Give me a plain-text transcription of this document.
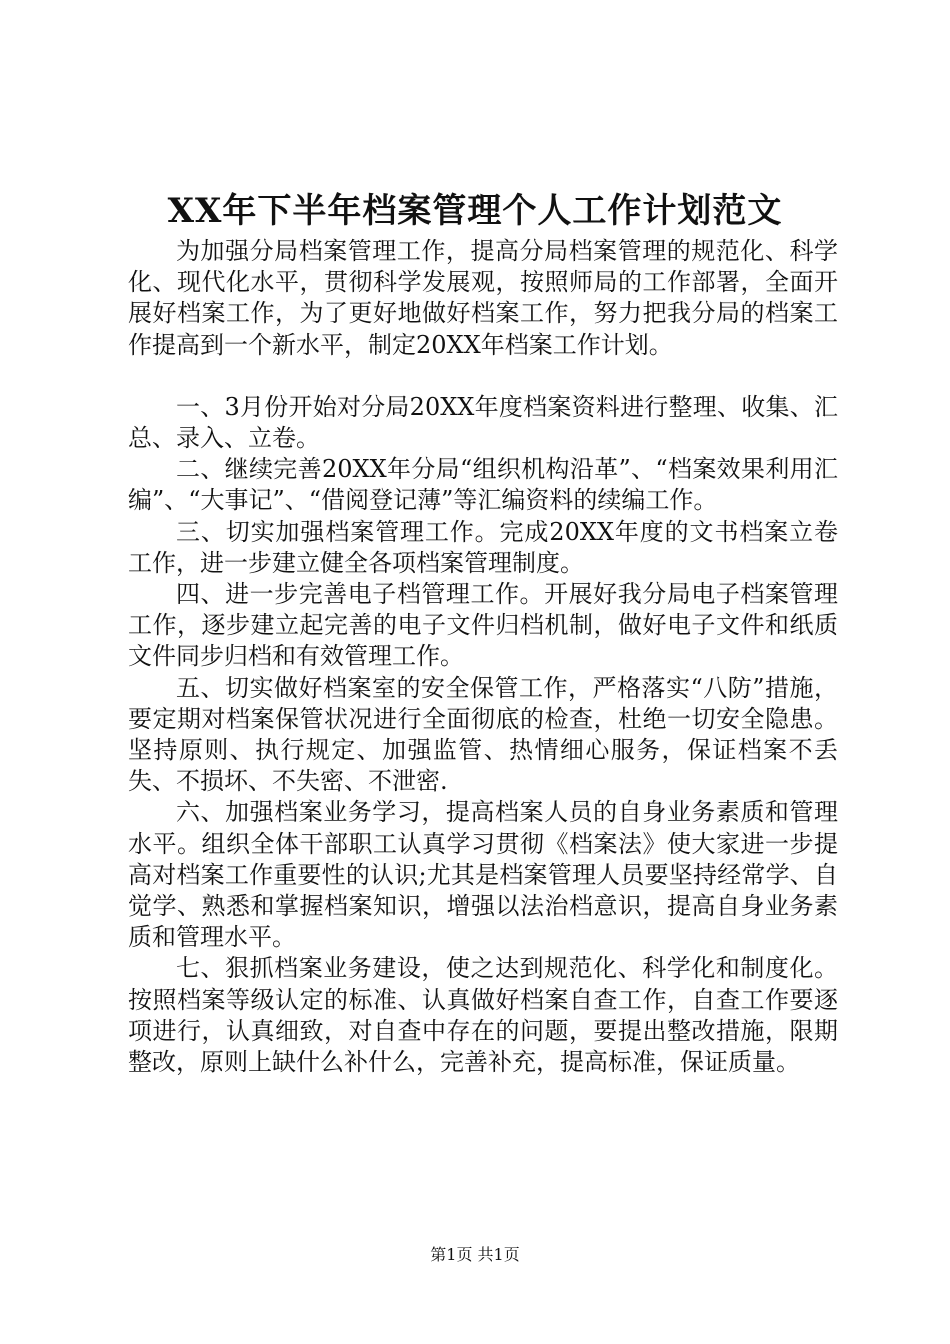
XX年下半年档案管理个人工作计划范文

为加强分局档案管理工作，提高分局档案管理的规范化、科学化、现代化水平，贯彻科学发展观，按照师局的工作部署，全面开展好档案工作，为了更好地做好档案工作，努力把我分局的档案工作提高到一个新水平，制定20XX年档案工作计划。

一、3月份开始对分局20XX年度档案资料进行整理、收集、汇总、录入、立卷。

二、继续完善20XX年分局“组织机构沿革”、“档案效果利用汇编”、“大事记”、“借阅登记薄”等汇编资料的续编工作。

三、切实加强档案管理工作。完成20XX年度的文书档案立卷工作，进一步建立健全各项档案管理制度。

四、进一步完善电子档管理工作。开展好我分局电子档案管理工作，逐步建立起完善的电子文件归档机制，做好电子文件和纸质文件同步归档和有效管理工作。

五、切实做好档案室的安全保管工作，严格落实“八防”措施，要定期对档案保管状况进行全面彻底的检查，杜绝一切安全隐患。坚持原则、执行规定、加强监管、热情细心服务，保证档案不丢失、不损坏、不失密、不泄密.

六、加强档案业务学习，提高档案人员的自身业务素质和管理水平。组织全体干部职工认真学习贯彻《档案法》使大家进一步提高对档案工作重要性的认识;尤其是档案管理人员要坚持经常学、自觉学、熟悉和掌握档案知识，增强以法治档意识，提高自身业务素质和管理水平。

七、狠抓档案业务建设，使之达到规范化、科学化和制度化。按照档案等级认定的标准、认真做好档案自查工作，自查工作要逐项进行，认真细致，对自查中存在的问题，要提出整改措施，限期整改，原则上缺什么补什么，完善补充，提高标准，保证质量。

第1页 共1页
